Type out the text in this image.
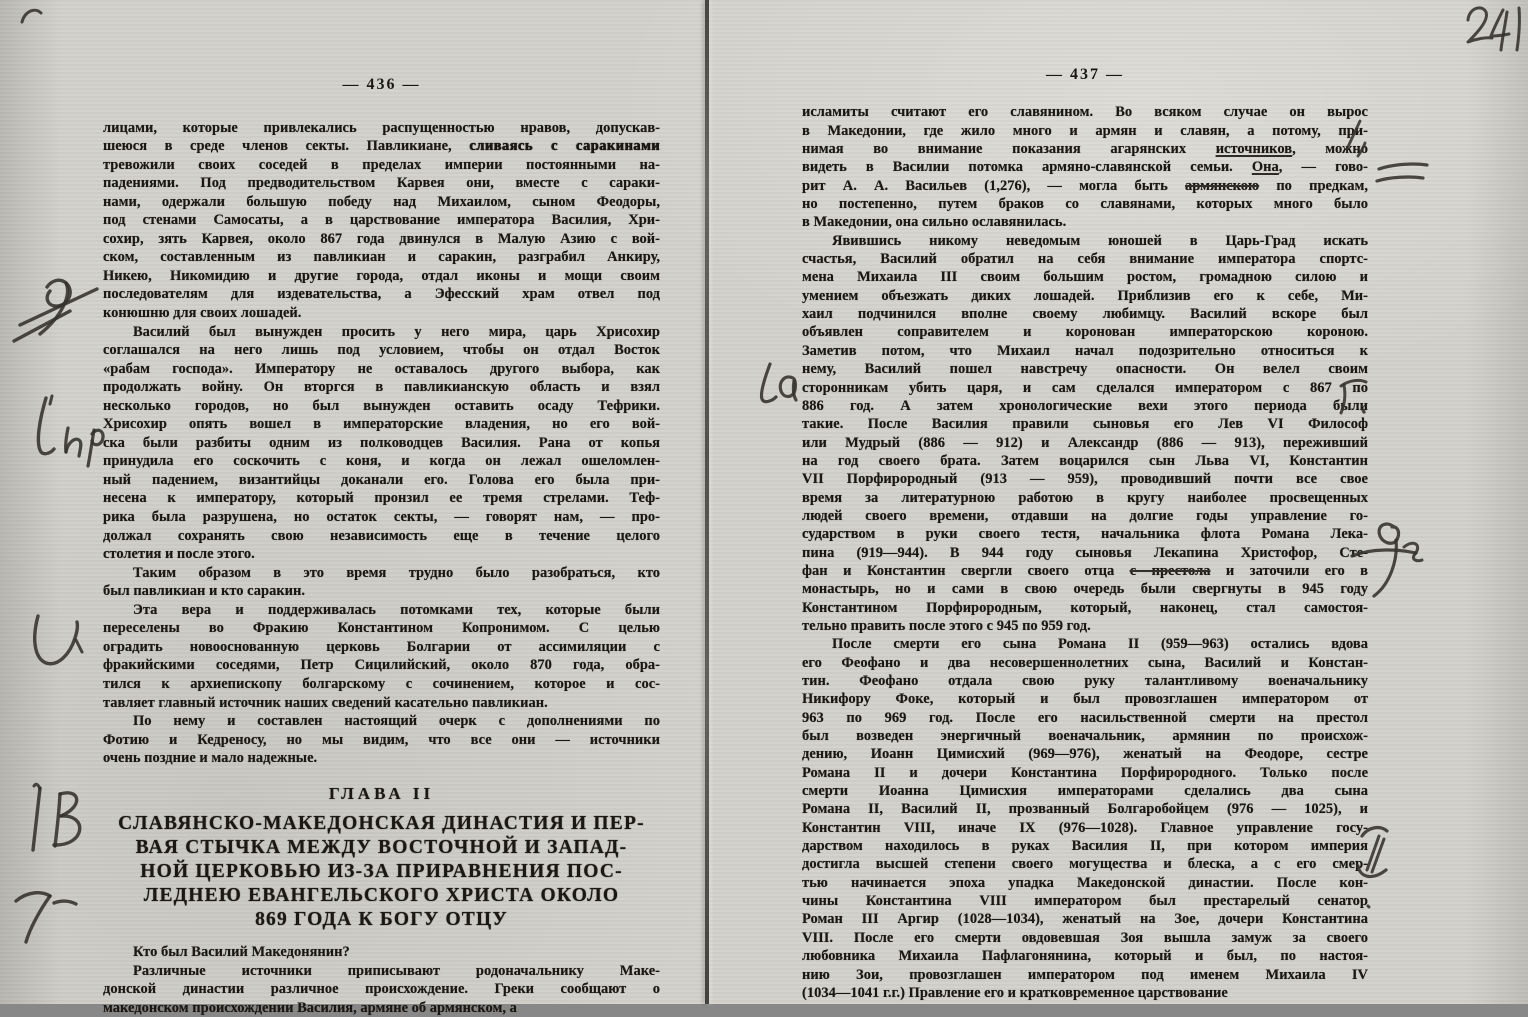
— 436 —
лицами, которые привлекались распущенностью нравов, допускав-
шеюся в среде членов секты. Павликиане, сливаясь с саракинами
тревожили своих соседей в пределах империи постоянными на-
падениями. Под предводительством Карвея они, вместе с сараки-
нами, одержали большую победу над Михаилом, сыном Феодоры,
под стенами Самосаты, а в царствование императора Василия, Хри-
сохир, зять Карвея, около 867 года двинулся в Малую Азию с вой-
ском, составленным из павликиан и саракин, разграбил Анкиру,
Никею, Никомидию и другие города, отдал иконы и мощи своим
последователям для издевательства, а Эфесский храм отвел под
конюшню для своих лошадей.
Василий был вынужден просить у него мира, царь Хрисохир
соглашался на него лишь под условием, чтобы он отдал Восток
«рабам господа». Императору не оставалось другого выбора, как
продолжать войну. Он вторгся в павликианскую область и взял
несколько городов, но был вынужден оставить осаду Тефрики.
Хрисохир опять вошел в императорские владения, но его вой-
ска были разбиты одним из полководцев Василия. Рана от копья
принудила его соскочить с коня, и когда он лежал ошеломлен-
ный падением, византийцы доканали его. Голова его была при-
несена к императору, который пронзил ее тремя стрелами. Теф-
рика была разрушена, но остаток секты, — говорят нам, — про-
должал сохранять свою независимость еще в течение целого
столетия и после этого.
Таким образом в это время трудно было разобраться, кто
был павликиан и кто саракин.
Эта вера и поддерживалась потомками тех, которые были
переселены во Фракию Константином Копронимом. С целью
оградить новооснованную церковь Болгарии от ассимиляции с
фракийскими соседями, Петр Сицилийский, около 870 года, обра-
тился к архиепископу болгарскому с сочинением, которое и сос-
тавляет главный источник наших сведений касательно павликиан.
По нему и составлен настоящий очерк с дополнениями по
Фотию и Кедреносу, но мы видим, что все они — источники
очень поздние и мало надежные.
ГЛАВА II
СЛАВЯНСКО-МАКЕДОНСКАЯ ДИНАСТИЯ И ПЕР-
ВАЯ СТЫЧКА МЕЖДУ ВОСТОЧНОЙ И ЗАПАД-
НОЙ ЦЕРКОВЬЮ ИЗ-ЗА ПРИРАВНЕНИЯ ПОС-
ЛЕДНЕЮ ЕВАНГЕЛЬСКОГО ХРИСТА ОКОЛО
869 ГОДА К БОГУ ОТЦУ
Кто был Василий Македонянин?
Различные источники приписывают родоначальнику Маке-
донской династии различное происхождение. Греки сообщают о
македонском происхождении Василия, армяне об армянском, а
— 437 —
исламиты считают его славянином. Во всяком случае он вырос
в Македонии, где жило много и армян и славян, а потому, при-
нимая во внимание показания агарянских источников, можно
видеть в Василии потомка армяно-славянской семьи. Она, — гово-
рит А. А. Васильев (1,276), — могла быть армянскою по предкам,
но постепенно, путем браков со славянами, которых много было
в Македонии, она сильно ославянилась.
Явившись никому неведомым юношей в Царь-Град искать
счастья, Василий обратил на себя внимание императора спортс-
мена Михаила III своим большим ростом, громадною силою и
умением объезжать диких лошадей. Приблизив его к себе, Ми-
хаил подчинился вполне своему любимцу. Василий вскоре был
объявлен соправителем и коронован императорскою короною.
Заметив потом, что Михаил начал подозрительно относиться к
нему, Василий пошел навстречу опасности. Он велел своим
сторонникам убить царя, и сам сделался императором с 867 по
886 год. А затем хронологические вехи этого периода были
такие. После Василия правили сыновья его Лев VI Философ
или Мудрый (886 — 912) и Александр (886 — 913), переживший
на год своего брата. Затем воцарился сын Льва VI, Константин
VII Порфирородный (913 — 959), проводивший почти все свое
время за литературною работою в кругу наиболее просвещенных
людей своего времени, отдавши на долгие годы управление го-
сударством в руки своего тестя, начальника флота Романа Лека-
пина (919—944). В 944 году сыновья Лекапина Христофор, Сте-
фан и Константин свергли своего отца с престола и заточили его в
монастырь, но и сами в свою очередь были свергнуты в 945 году
Константином Порфирородным, который, наконец, стал самостоя-
тельно править после этого с 945 по 959 год.
После смерти его сына Романа II (959—963) остались вдова
его Феофано и два несовершеннолетних сына, Василий и Констан-
тин. Феофано отдала свою руку талантливому военачальнику
Никифору Фоке, который и был провозглашен императором от
963 по 969 год. После его насильственной смерти на престол
был возведен энергичный военачальник, армянин по происхож-
дению, Иоанн Цимисхий (969—976), женатый на Феодоре, сестре
Романа II и дочери Константина Порфирородного. Только после
смерти Иоанна Цимисхия императорами сделались два сына
Романа II, Василий II, прозванный Болгаробойцем (976 — 1025), и
Константин VIII, иначе IX (976—1028). Главное управление госу-
дарством находилось в руках Василия II, при котором империя
достигла высшей степени своего могущества и блеска, а с его смер-
тью начинается эпоха упадка Македонской династии. После кон-
чины Константина VIII императором был престарелый сенатор
Роман III Аргир (1028—1034), женатый на Зое, дочери Константина
VIII. После его смерти овдовевшая Зоя вышла замуж за своего
любовника Михаила Пафлагонянина, который и был, по настоя-
нию Зои, провозглашен императором под именем Михаила IV
(1034—1041 г.г.) Правление его и кратковременное царствование
